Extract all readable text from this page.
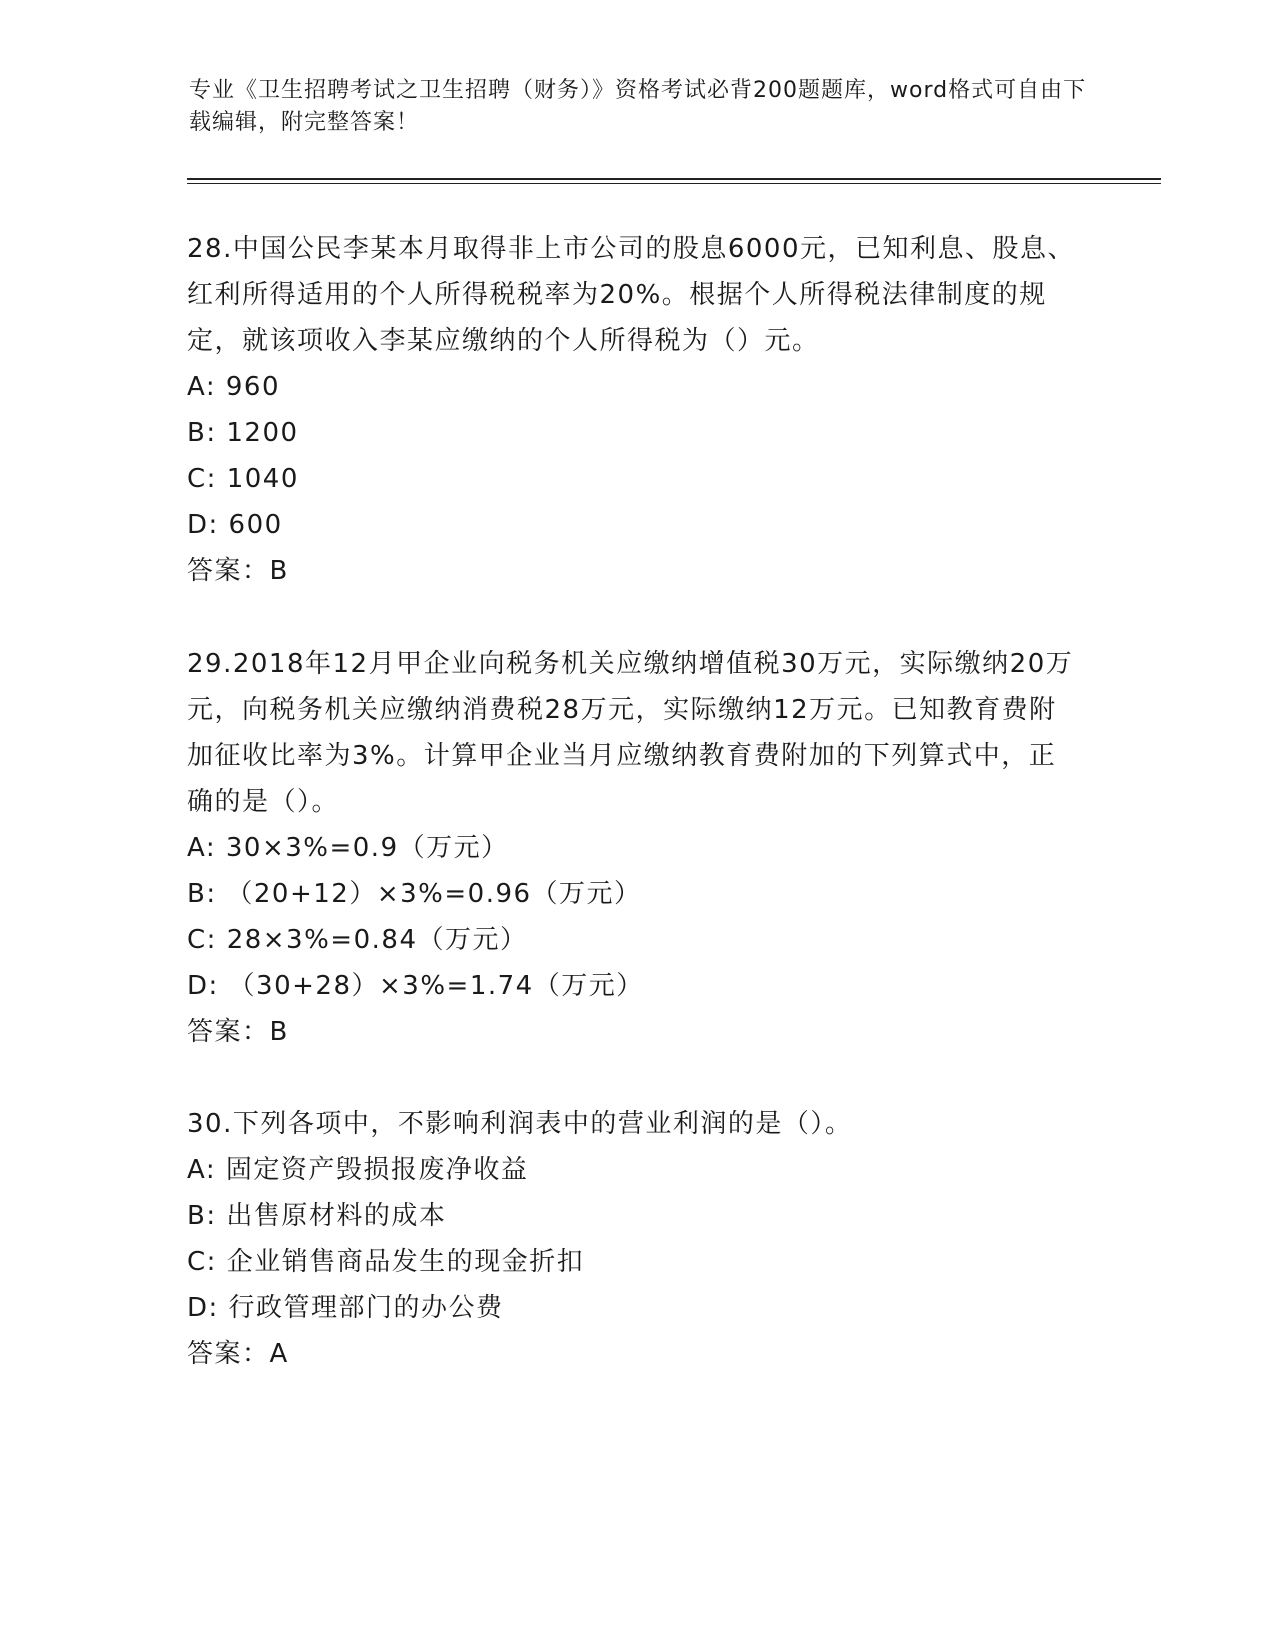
专业《卫生招聘考试之卫生招聘（财务）》资格考试必背200题题库，word格式可自由下载编辑，附完整答案！

28.中国公民李某本月取得非上市公司的股息6000元，已知利息、股息、红利所得适用的个人所得税税率为20%。根据个人所得税法律制度的规定，就该项收入李某应缴纳的个人所得税为（）元。

A: 960

B: 1200

C: 1040

D: 600

答案：B

29.2018年12月甲企业向税务机关应缴纳增值税30万元，实际缴纳20万元，向税务机关应缴纳消费税28万元，实际缴纳12万元。已知教育费附加征收比率为3%。计算甲企业当月应缴纳教育费附加的下列算式中，正确的是（）。

A: 30×3%=0.9（万元）

B: （20+12）×3%=0.96（万元）

C: 28×3%=0.84（万元）

D: （30+28）×3%=1.74（万元）

答案：B

30.下列各项中，不影响利润表中的营业利润的是（）。

A: 固定资产毁损报废净收益

B: 出售原材料的成本

C: 企业销售商品发生的现金折扣

D: 行政管理部门的办公费

答案：A
